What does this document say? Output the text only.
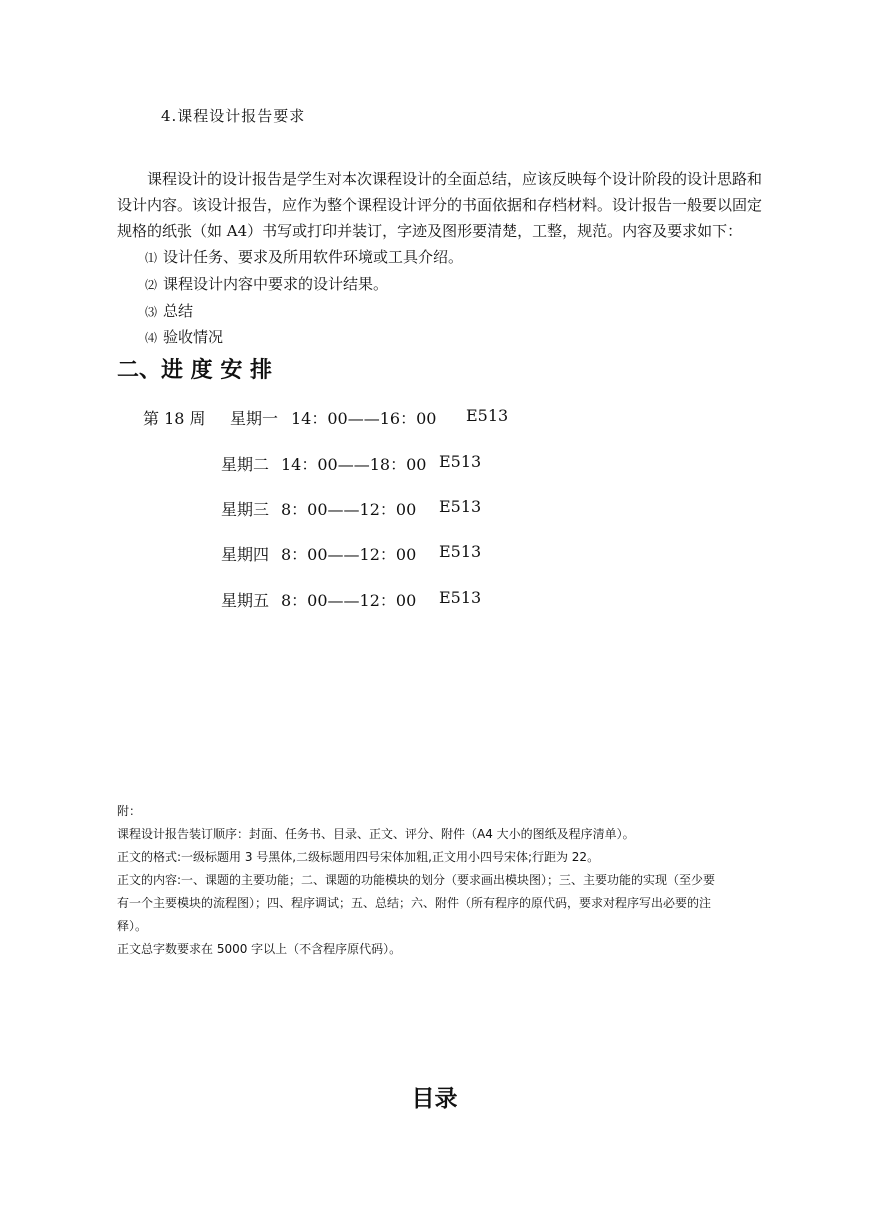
4.课程设计报告要求
课程设计的设计报告是学生对本次课程设计的全面总结，应该反映每个设计阶段的设计思路和
设计内容。该设计报告，应作为整个课程设计评分的书面依据和存档材料。设计报告一般要以固定
规格的纸张（如 A4）书写或打印并装订，字迹及图形要清楚，工整，规范。内容及要求如下：
⑴ 设计任务、要求及所用软件环境或工具介绍。
⑵ 课程设计内容中要求的设计结果。
⑶ 总结
⑷ 验收情况
二、进 度 安 排
第 18 周 星期一 14：00——16：00 E513
星期二 14：00——18：00 E513
星期三 8：00——12：00 E513
星期四 8：00——12：00 E513
星期五 8：00——12：00 E513
附：
课程设计报告装订顺序：封面、任务书、目录、正文、评分、附件（A4 大小的图纸及程序清单）。
正文的格式:一级标题用 3 号黑体,二级标题用四号宋体加粗,正文用小四号宋体;行距为 22。
正文的内容:一、课题的主要功能；二、课题的功能模块的划分（要求画出模块图）；三、主要功能的实现（至少要
有一个主要模块的流程图）；四、程序调试；五、总结；六、附件（所有程序的原代码，要求对程序写出必要的注
释）。
正文总字数要求在 5000 字以上（不含程序原代码）。
目录
